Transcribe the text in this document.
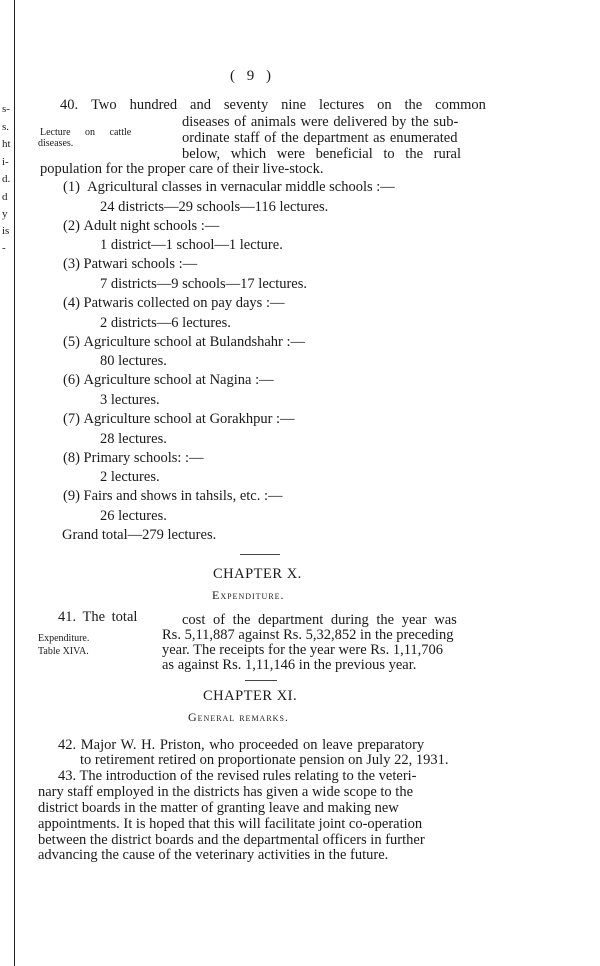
s-
s.
ht
i-
d.
d
y
is
-
( 9 )
40. Two hundred and seventy nine lectures on the common
Lecture on cattle
diseases.
diseases of animals were delivered by the sub-
ordinate staff of the department as enumerated
below, which were beneficial to the rural
population for the proper care of their live-stock.
(1) Agricultural classes in vernacular middle schools :—
24 districts—29 schools—116 lectures.
(2) Adult night schools :—
1 district—1 school—1 lecture.
(3) Patwari schools :—
7 districts—9 schools—17 lectures.
(4) Patwaris collected on pay days :—
2 districts—6 lectures.
(5) Agriculture school at Bulandshahr :—
80 lectures.
(6) Agriculture school at Nagina :—
3 lectures.
(7) Agriculture school at Gorakhpur :—
28 lectures.
(8) Primary schools: :—
2 lectures.
(9) Fairs and shows in tahsils, etc. :—
26 lectures.
Grand total—279 lectures.
CHAPTER X.
Expenditure.
41. The total	cost of the department during the year was
Expenditure.
Table XIVA.
Rs. 5,11,887 against Rs. 5,32,852 in the preceding
year. The receipts for the year were Rs. 1,11,706
as against Rs. 1,11,146 in the previous year.
CHAPTER XI.
General remarks.
42. Major W. H. Priston, who proceeded on leave preparatory
to retirement retired on proportionate pension on July 22, 1931.
43. The introduction of the revised rules relating to the veteri-
nary staff employed in the districts has given a wide scope to the
district boards in the matter of granting leave and making new
appointments. It is hoped that this will facilitate joint co-operation
between the district boards and the departmental officers in further
advancing the cause of the veterinary activities in the future.
